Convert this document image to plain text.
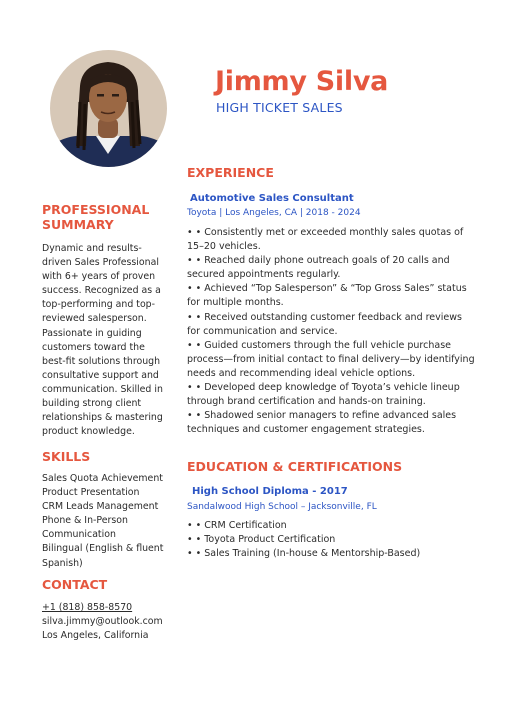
Jimmy Silva
HIGH TICKET SALES

PROFESSIONAL

SUMMARY

Dynamic and results-driven Sales Professional with 6+ years of proven success. Recognized as a top-performing and top-reviewed salesperson. Passionate in guiding customers toward the best-fit solutions through consultative support and communication. Skilled in building strong client relationships & mastering product knowledge.

SKILLS

Sales Quota Achievement
Product Presentation
CRM Leads Management
Phone & In-Person Communication
Bilingual (English & fluent Spanish)

CONTACT

+1 (818) 858-8570
silva.jimmy@outlook.com
Los Angeles, California

EXPERIENCE

Automotive Sales Consultant

Toyota | Los Angeles, CA | 2018 - 2024

• • Consistently met or exceeded monthly sales quotas of 15–20 vehicles.
• • Reached daily phone outreach goals of 20 calls and secured appointments regularly.
• • Achieved “Top Salesperson” & “Top Gross Sales” status for multiple months.
• • Received outstanding customer feedback and reviews for communication and service.
• • Guided customers through the full vehicle purchase process—from initial contact to final delivery—by identifying needs and recommending ideal vehicle options.
• • Developed deep knowledge of Toyota’s vehicle lineup through brand certification and hands-on training.
• • Shadowed senior managers to refine advanced sales techniques and customer engagement strategies.

EDUCATION & CERTIFICATIONS

High School Diploma - 2017

Sandalwood High School – Jacksonville, FL

• • CRM Certification
• • Toyota Product Certification
• • Sales Training (In-house & Mentorship-Based)
